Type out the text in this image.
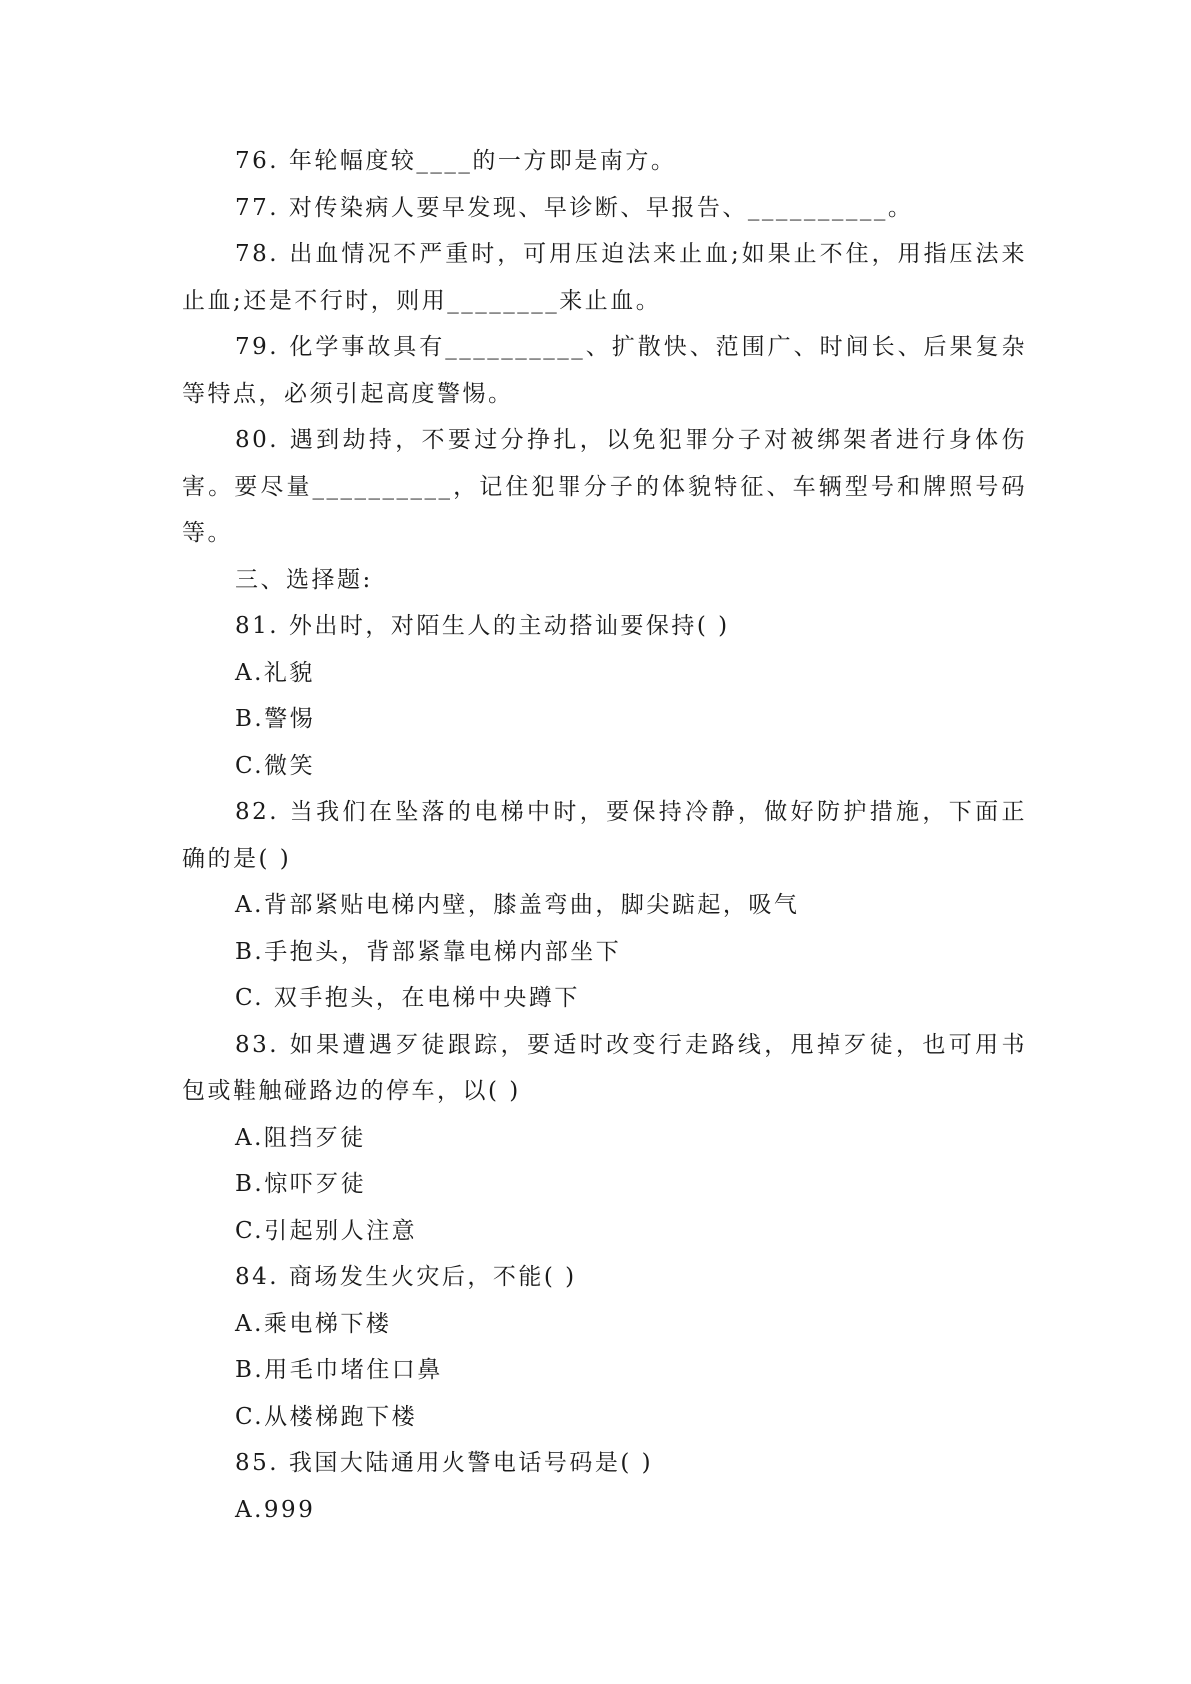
76. 年轮幅度较____的一方即是南方。

77. 对传染病人要早发现、早诊断、早报告、__________。

78. 出血情况不严重时，可用压迫法来止血;如果止不住，用指压法来止血;还是不行时，则用________来止血。

79. 化学事故具有__________、扩散快、范围广、时间长、后果复杂等特点，必须引起高度警惕。

80. 遇到劫持，不要过分挣扎，以免犯罪分子对被绑架者进行身体伤害。要尽量__________，记住犯罪分子的体貌特征、车辆型号和牌照号码等。

三、选择题:

81. 外出时，对陌生人的主动搭讪要保持( )

A.礼貌

B.警惕

C.微笑

82. 当我们在坠落的电梯中时，要保持冷静，做好防护措施，下面正确的是( )

A.背部紧贴电梯内壁，膝盖弯曲，脚尖踮起，吸气

B.手抱头，背部紧靠电梯内部坐下

C. 双手抱头，在电梯中央蹲下

83. 如果遭遇歹徒跟踪，要适时改变行走路线，甩掉歹徒，也可用书包或鞋触碰路边的停车，以( )

A.阻挡歹徒

B.惊吓歹徒

C.引起别人注意

84. 商场发生火灾后，不能( )

A.乘电梯下楼

B.用毛巾堵住口鼻

C.从楼梯跑下楼

85. 我国大陆通用火警电话号码是( )

A.999
